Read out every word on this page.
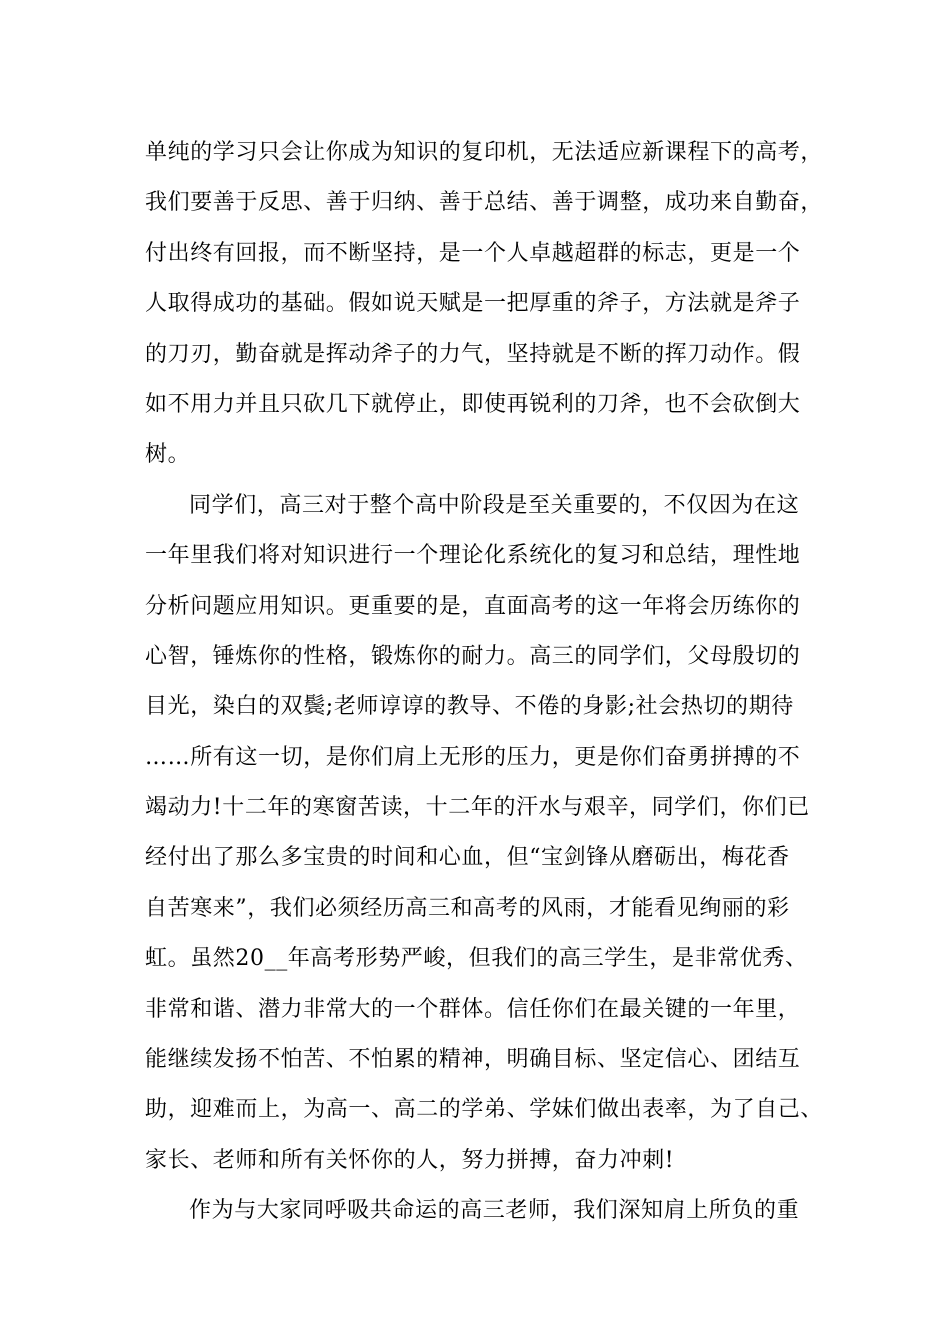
单纯的学习只会让你成为知识的复印机，无法适应新课程下的高考，
我们要善于反思、善于归纳、善于总结、善于调整，成功来自勤奋，
付出终有回报，而不断坚持，是一个人卓越超群的标志，更是一个
人取得成功的基础。假如说天赋是一把厚重的斧子，方法就是斧子
的刀刃，勤奋就是挥动斧子的力气，坚持就是不断的挥刀动作。假
如不用力并且只砍几下就停止，即使再锐利的刀斧，也不会砍倒大
树。
同学们，高三对于整个高中阶段是至关重要的，不仅因为在这
一年里我们将对知识进行一个理论化系统化的复习和总结，理性地
分析问题应用知识。更重要的是，直面高考的这一年将会历练你的
心智，锤炼你的性格，锻炼你的耐力。高三的同学们，父母殷切的
目光，染白的双鬓;老师谆谆的教导、不倦的身影;社会热切的期待
……所有这一切，是你们肩上无形的压力，更是你们奋勇拼搏的不
竭动力!十二年的寒窗苦读，十二年的汗水与艰辛，同学们，你们已
经付出了那么多宝贵的时间和心血，但“宝剑锋从磨砺出，梅花香
自苦寒来”，我们必须经历高三和高考的风雨，才能看见绚丽的彩
虹。虽然20__年高考形势严峻，但我们的高三学生，是非常优秀、
非常和谐、潜力非常大的一个群体。信任你们在最关键的一年里，
能继续发扬不怕苦、不怕累的精神，明确目标、坚定信心、团结互
助，迎难而上，为高一、高二的学弟、学妹们做出表率，为了自己、
家长、老师和所有关怀你的人，努力拼搏，奋力冲刺!
作为与大家同呼吸共命运的高三老师，我们深知肩上所负的重
